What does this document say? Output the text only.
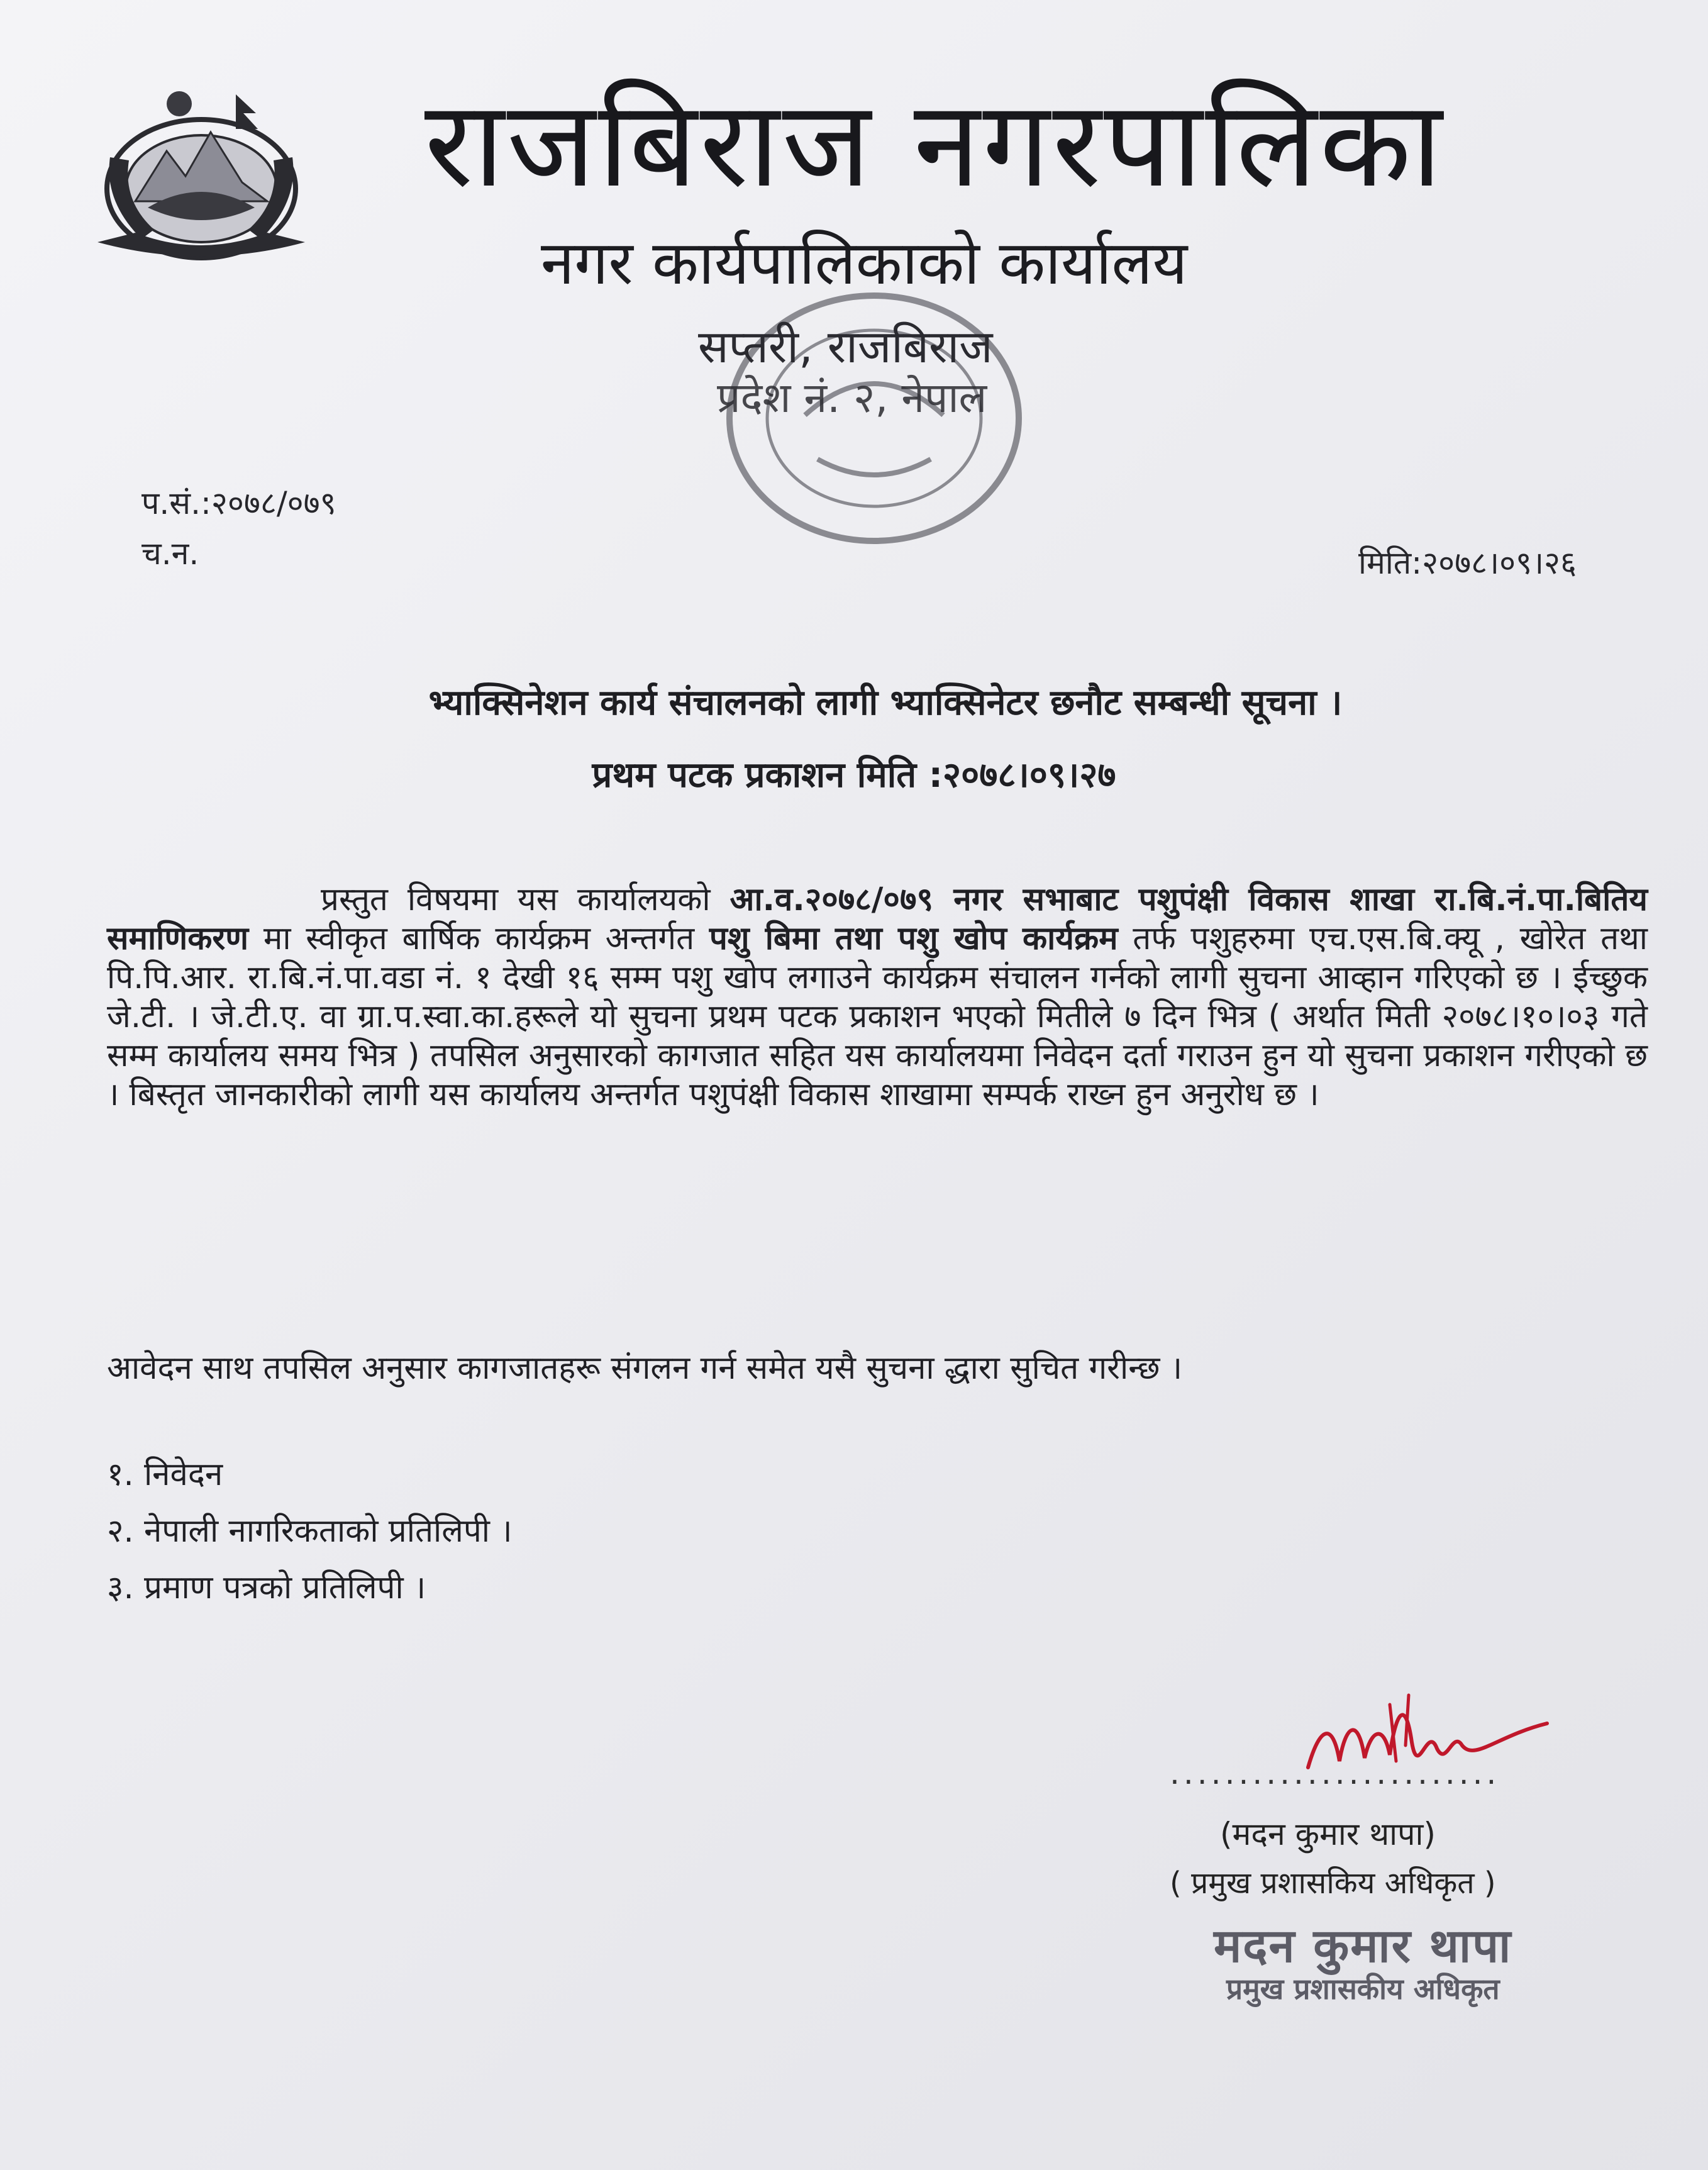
राजबिराज नगरपालिका
नगर कार्यपालिकाको कार्यालय
सप्तरी, राजबिराज
प्रदेश नं. २, नेपाल
प.सं.:२०७८/०७९
च.न.	मिति:२०७८।०९।२६
भ्याक्सिनेशन कार्य संचालनको लागी भ्याक्सिनेटर छनौट सम्बन्धी सूचना ।
प्रथम पटक प्रकाशन मिति :२०७८।०९।२७
प्रस्तुत विषयमा यस कार्यालयको आ.व.२०७८/०७९ नगर सभाबाट पशुपंक्षी विकास शाखा रा.बि.नं.पा.बितिय समाणिकरण मा स्वीकृत बार्षिक कार्यक्रम अन्तर्गत पशु बिमा तथा पशु खोप कार्यक्रम तर्फ पशुहरुमा एच.एस.बि.क्यू , खोरेत तथा पि.पि.आर. रा.बि.नं.पा.वडा नं. १ देखी १६ सम्म पशु खोप लगाउने कार्यक्रम संचालन गर्नको लागी सुचना आव्हान गरिएको छ । ईच्छुक जे.टी. । जे.टी.ए. वा ग्रा.प.स्वा.का.हरूले यो सुचना प्रथम पटक प्रकाशन भएको मितीले ७ दिन भित्र ( अर्थात मिती २०७८।१०।०३ गते सम्म कार्यालय समय भित्र ) तपसिल अनुसारको कागजात सहित यस कार्यालयमा निवेदन दर्ता गराउन हुन यो सुचना प्रकाशन गरीएको छ । बिस्तृत जानकारीको लागी यस कार्यालय अन्तर्गत पशुपंक्षी विकास शाखामा सम्पर्क राख्न हुन अनुरोध छ ।
आवेदन साथ तपसिल अनुसार कागजातहरू संगलन गर्न समेत यसै सुचना द्धारा सुचित गरीन्छ ।
१. निवेदन
२. नेपाली नागरिकताको प्रतिलिपी ।
३. प्रमाण पत्रको प्रतिलिपी ।
........................
(मदन कुमार थापा)
( प्रमुख प्रशासकिय अधिकृत )
मदन कुमार थापा
प्रमुख प्रशासकीय अधिकृत
